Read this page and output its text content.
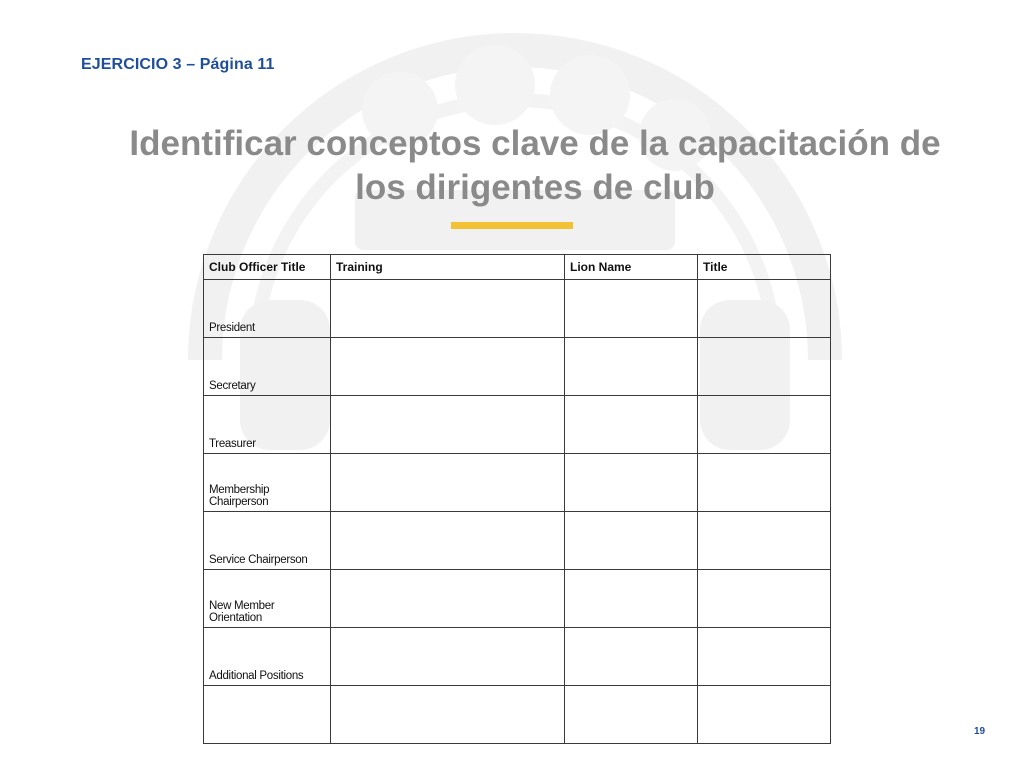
EJERCICIO 3 – Página 11
Identificar conceptos clave de la capacitación de
los dirigentes de club
Club Officer Title	Training	Lion Name	Title
President			
Secretary			
Treasurer			
Membership Chairperson			
Service Chairperson			
New Member Orientation			
Additional Positions			

19
